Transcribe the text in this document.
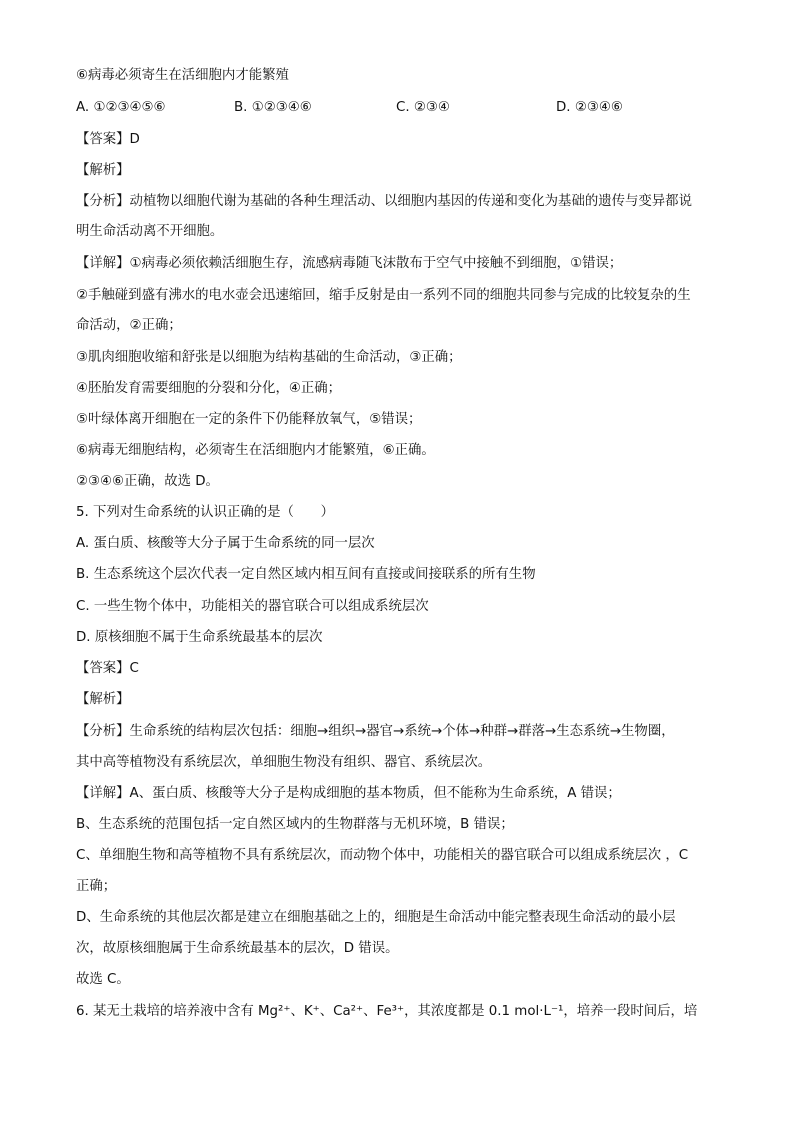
⑥病毒必须寄生在活细胞内才能繁殖
A. ①②③④⑤⑥	B. ①②③④⑥	C. ②③④	D. ②③④⑥
【答案】D
【解析】
【分析】动植物以细胞代谢为基础的各种生理活动、以细胞内基因的传递和变化为基础的遗传与变异都说
明生命活动离不开细胞。
【详解】①病毒必须依赖活细胞生存，流感病毒随飞沫散布于空气中接触不到细胞，①错误；
②手触碰到盛有沸水的电水壶会迅速缩回，缩手反射是由一系列不同的细胞共同参与完成的比较复杂的生
命活动，②正确；
③肌肉细胞收缩和舒张是以细胞为结构基础的生命活动，③正确；
④胚胎发育需要细胞的分裂和分化，④正确；
⑤叶绿体离开细胞在一定的条件下仍能释放氧气，⑤错误；
⑥病毒无细胞结构，必须寄生在活细胞内才能繁殖，⑥正确。
②③④⑥正确，故选 D。
5. 下列对生命系统的认识正确的是（　　）
A. 蛋白质、核酸等大分子属于生命系统的同一层次
B. 生态系统这个层次代表一定自然区域内相互间有直接或间接联系的所有生物
C. 一些生物个体中，功能相关的器官联合可以组成系统层次
D. 原核细胞不属于生命系统最基本的层次
【答案】C
【解析】
【分析】生命系统的结构层次包括：细胞→组织→器官→系统→个体→种群→群落→生态系统→生物圈，
其中高等植物没有系统层次，单细胞生物没有组织、器官、系统层次。
【详解】A、蛋白质、核酸等大分子是构成细胞的基本物质，但不能称为生命系统，A 错误；
B、生态系统的范围包括一定自然区域内的生物群落与无机环境，B 错误；
C、单细胞生物和高等植物不具有系统层次，而动物个体中，功能相关的器官联合可以组成系统层次 ，C
正确；
D、生命系统的其他层次都是建立在细胞基础之上的，细胞是生命活动中能完整表现生命活动的最小层
次，故原核细胞属于生命系统最基本的层次，D 错误。
故选 C。
6. 某无土栽培的培养液中含有 Mg²⁺、K⁺、Ca²⁺、Fe³⁺，其浓度都是 0.1 mol·L⁻¹，培养一段时间后，培
